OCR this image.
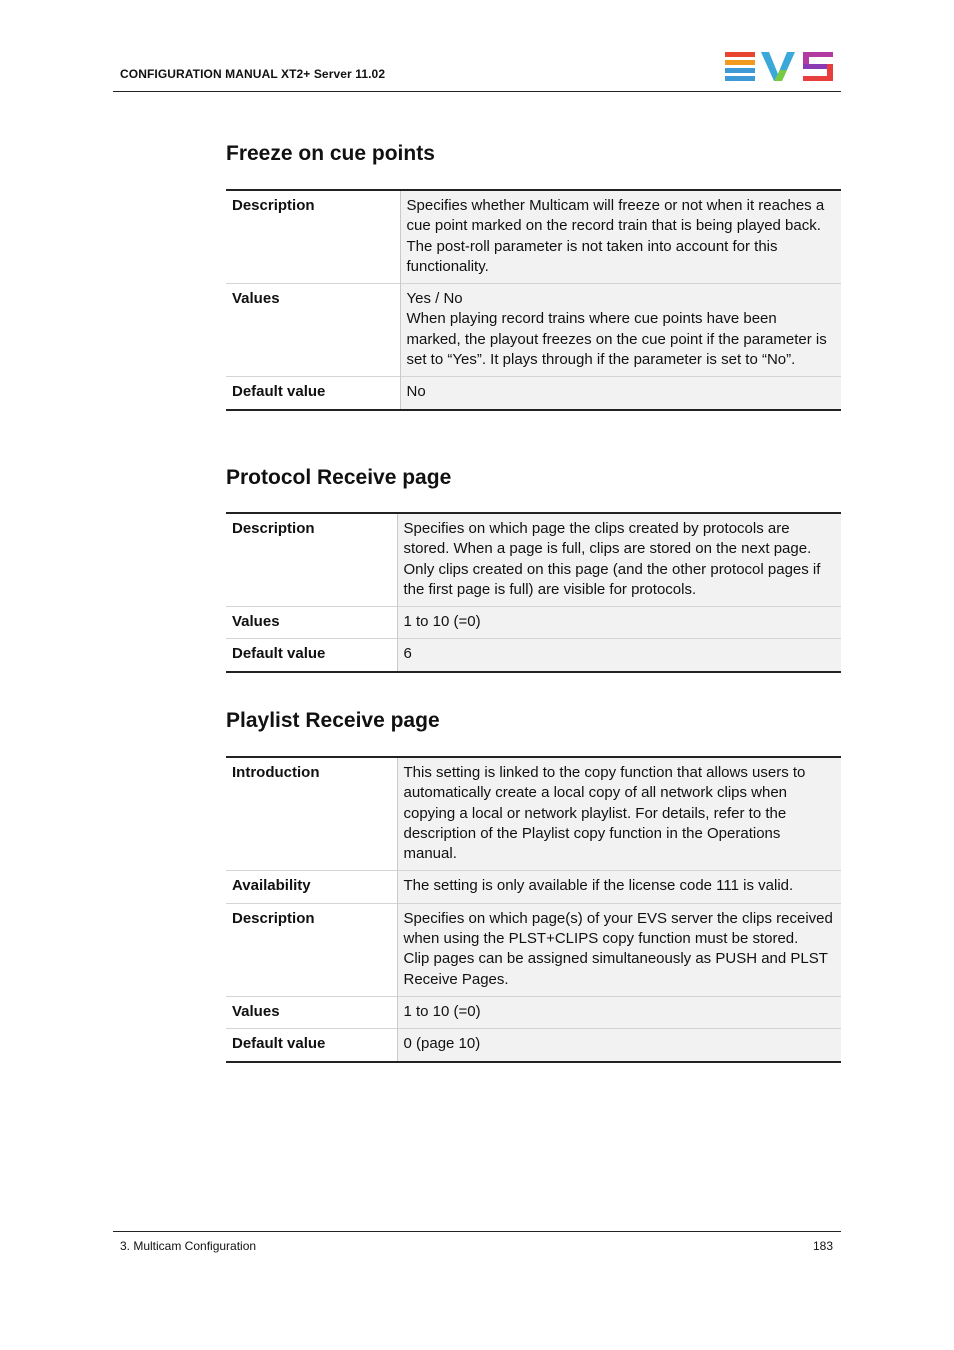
CONFIGURATION MANUAL XT2+ Server 11.02
Freeze on cue points
Description	Specifies whether Multicam will freeze or not when it reaches a cue point marked on the record train that is being played back.

The post-roll parameter is not taken into account for this functionality.

Values	Yes / No

When playing record trains where cue points have been marked, the playout freezes on the cue point if the parameter is set to “Yes”. It plays through if the parameter is set to “No”.

Default value	No

Protocol Receive page
Description	Specifies on which page the clips created by protocols are stored. When a page is full, clips are stored on the next page. Only clips created on this page (and the other protocol pages if the first page is full) are visible for protocols.

Values	1 to 10 (=0)

Default value	6

Playlist Receive page
Introduction	This setting is linked to the copy function that allows users to automatically create a local copy of all network clips when copying a local or network playlist. For details, refer to the description of the Playlist copy function in the Operations manual.

Availability	The setting is only available if the license code 111 is valid.

Description	Specifies on which page(s) of your EVS server the clips received when using the PLST+CLIPS copy function must be stored.

Clip pages can be assigned simultaneously as PUSH and PLST Receive Pages.

Values	1 to 10 (=0)

Default value	0 (page 10)

3. Multicam Configuration	183
